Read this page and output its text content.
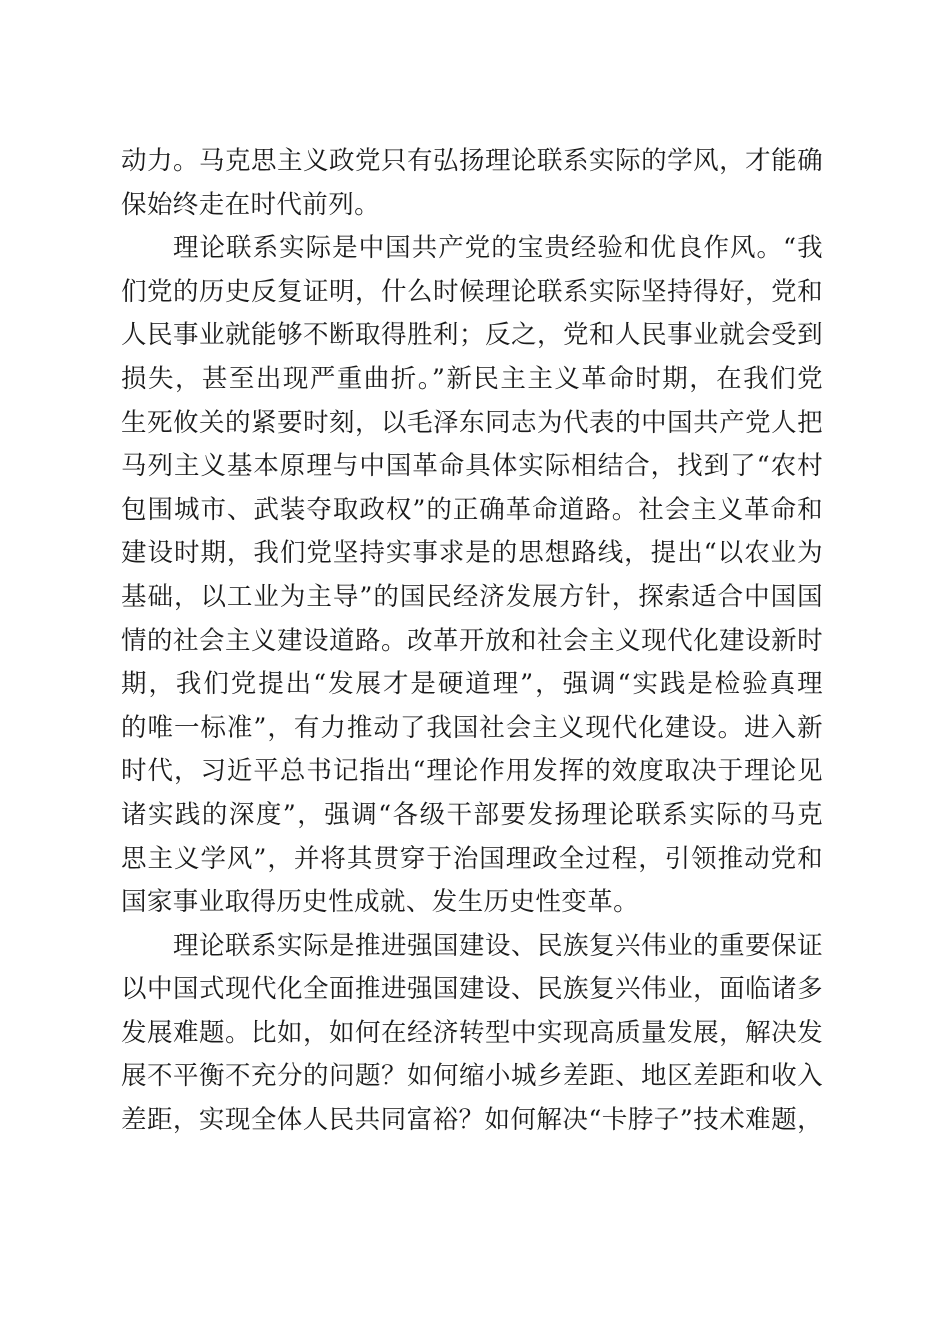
动力。马克思主义政党只有弘扬理论联系实际的学风，才能确
保始终走在时代前列。
理论联系实际是中国共产党的宝贵经验和优良作风。“我
们党的历史反复证明，什么时候理论联系实际坚持得好，党和
人民事业就能够不断取得胜利；反之，党和人民事业就会受到
损失，甚至出现严重曲折。”新民主主义革命时期，在我们党
生死攸关的紧要时刻，以毛泽东同志为代表的中国共产党人把
马列主义基本原理与中国革命具体实际相结合，找到了“农村
包围城市、武装夺取政权”的正确革命道路。社会主义革命和
建设时期，我们党坚持实事求是的思想路线，提出“以农业为
基础，以工业为主导”的国民经济发展方针，探索适合中国国
情的社会主义建设道路。改革开放和社会主义现代化建设新时
期，我们党提出“发展才是硬道理”，强调“实践是检验真理
的唯一标准”，有力推动了我国社会主义现代化建设。进入新
时代，习近平总书记指出“理论作用发挥的效度取决于理论见
诸实践的深度”，强调“各级干部要发扬理论联系实际的马克
思主义学风”，并将其贯穿于治国理政全过程，引领推动党和
国家事业取得历史性成就、发生历史性变革。
理论联系实际是推进强国建设、民族复兴伟业的重要保证
以中国式现代化全面推进强国建设、民族复兴伟业，面临诸多
发展难题。比如，如何在经济转型中实现高质量发展，解决发
展不平衡不充分的问题？如何缩小城乡差距、地区差距和收入
差距，实现全体人民共同富裕？如何解决“卡脖子”技术难题，
